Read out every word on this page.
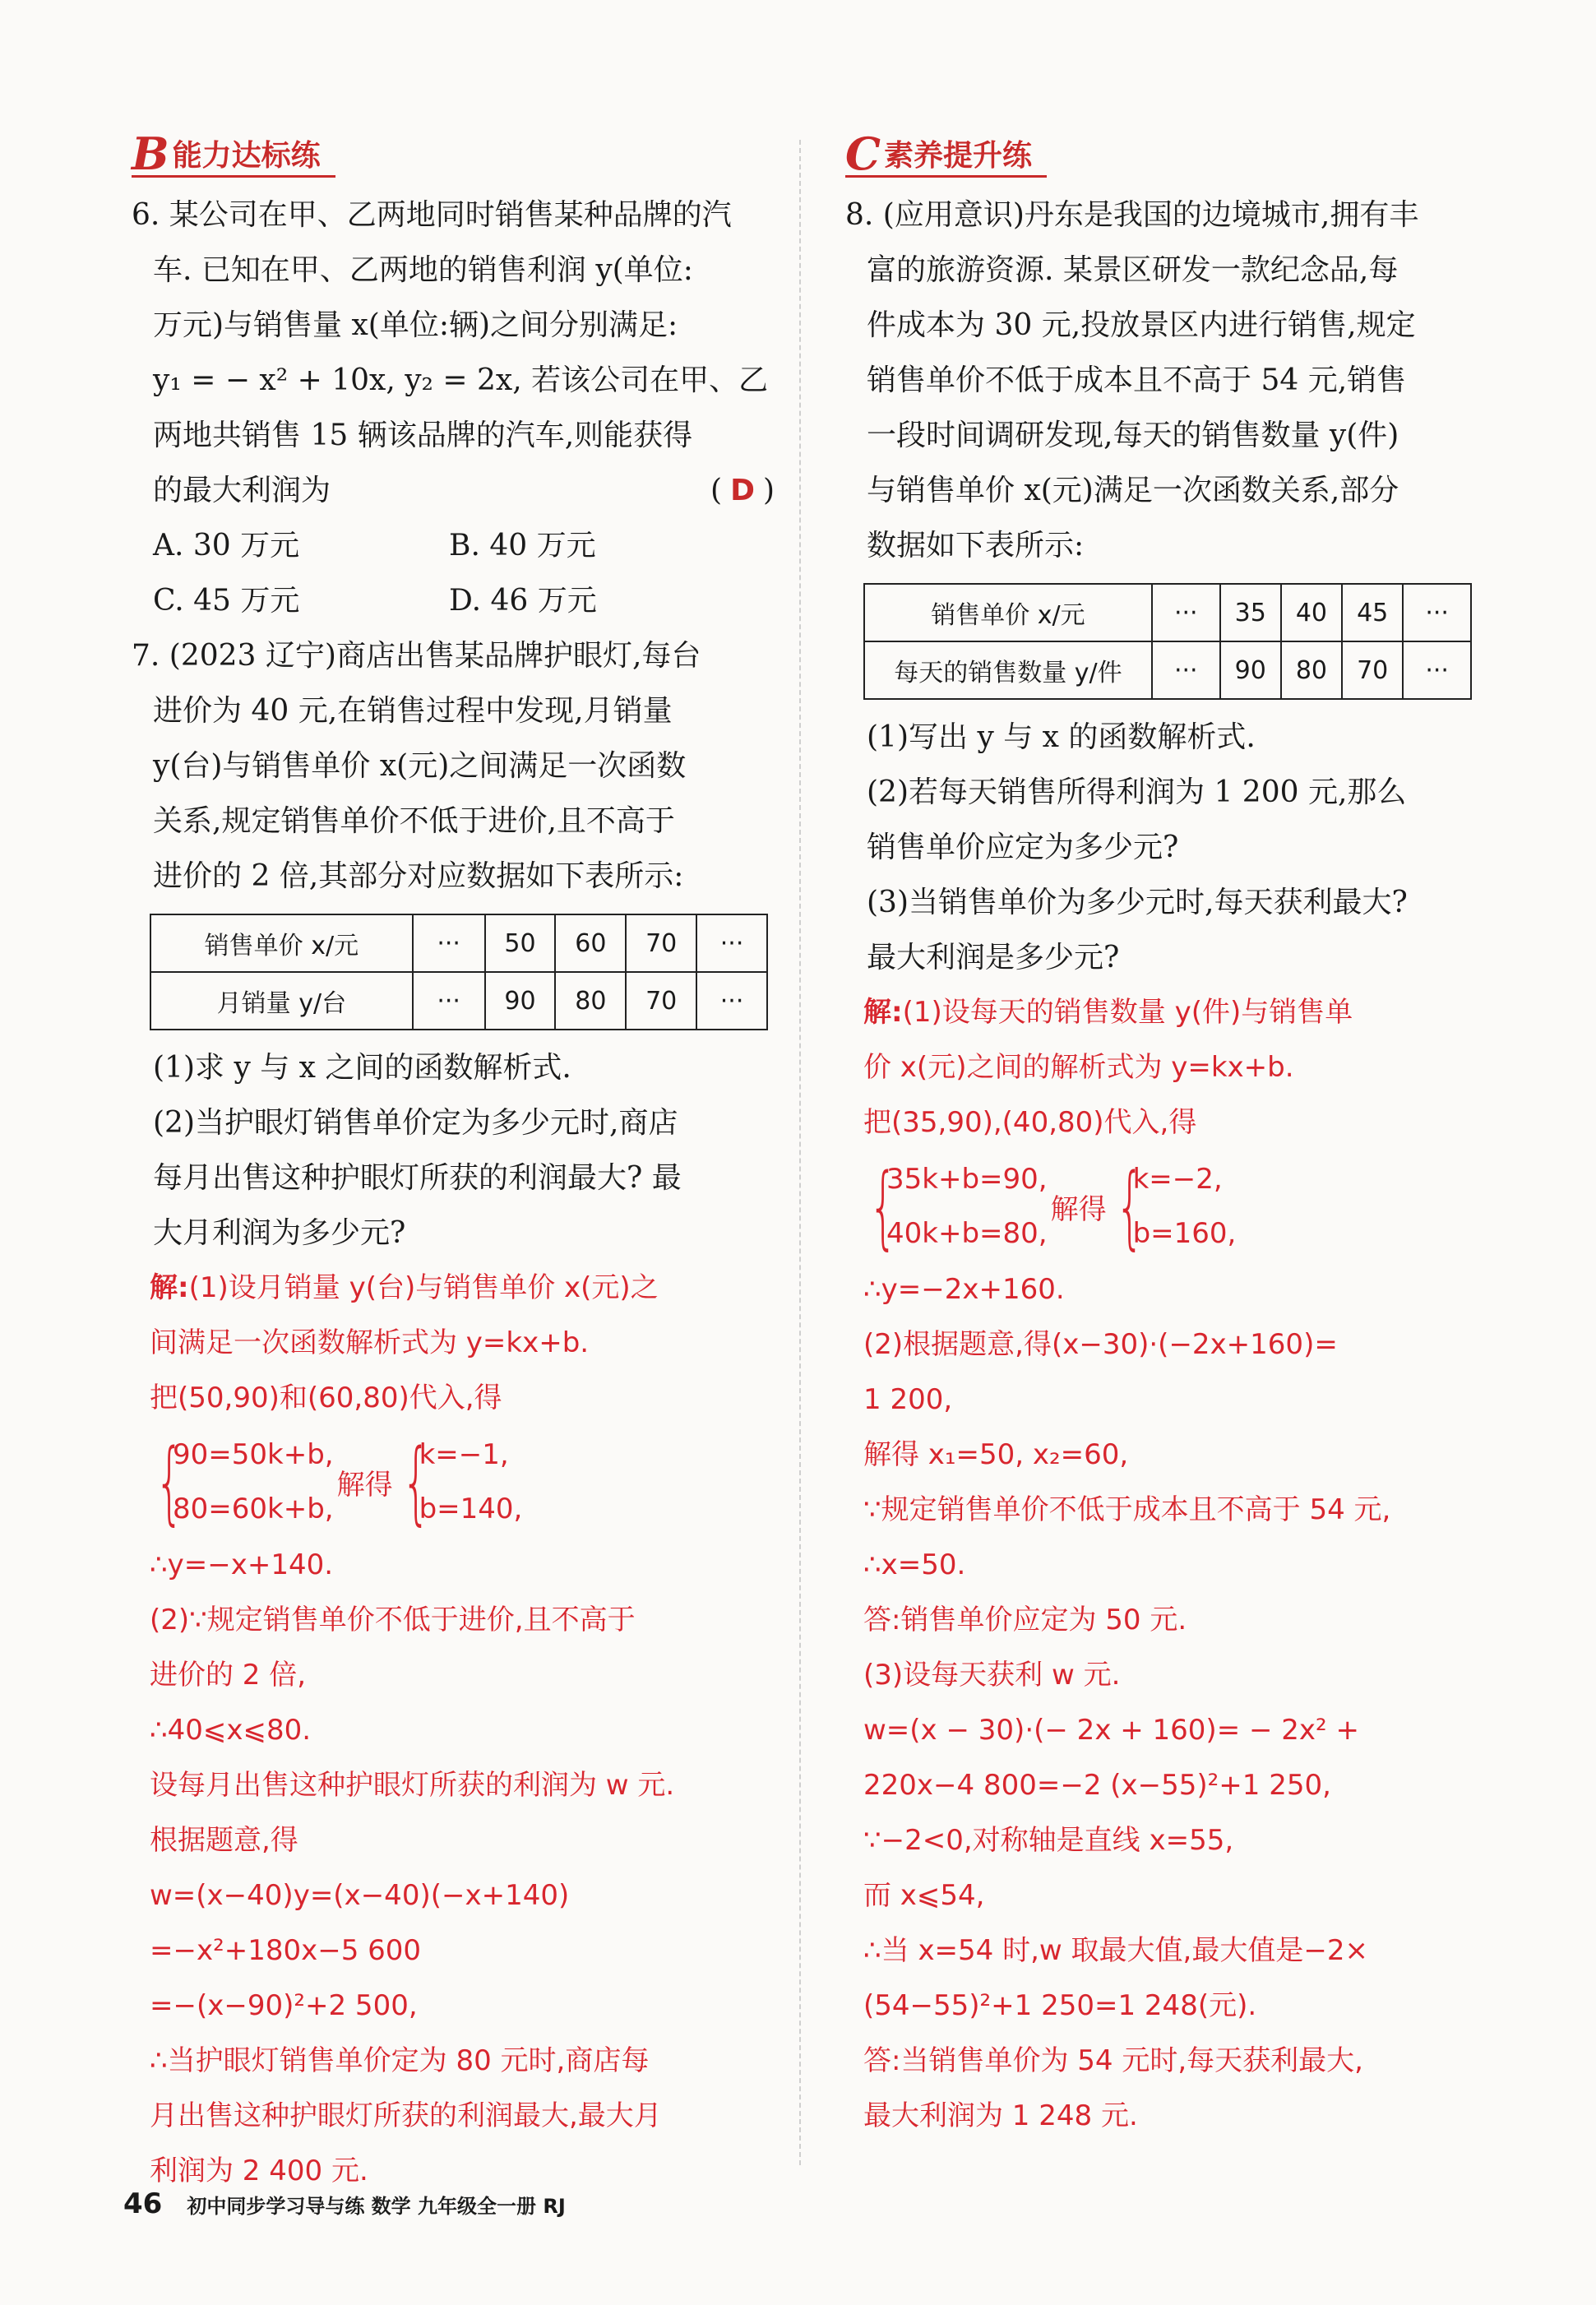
B 能力达标练
6. 某公司在甲、乙两地同时销售某种品牌的汽
车. 已知在甲、乙两地的销售利润 y(单位:
万元)与销售量 x(单位:辆)之间分别满足:
y₁ = − x² + 10x, y₂ = 2x, 若该公司在甲、乙
两地共销售 15 辆该品牌的汽车,则能获得
的最大利润为	( D )
A. 30 万元	B. 40 万元
C. 45 万元	D. 46 万元
7. (2023 辽宁)商店出售某品牌护眼灯,每台
进价为 40 元,在销售过程中发现,月销量
y(台)与销售单价 x(元)之间满足一次函数
关系,规定销售单价不低于进价,且不高于
进价的 2 倍,其部分对应数据如下表所示:
销售单价 x/元	···	50	60	70	···
月销量 y/台	···	90	80	70	···
(1)求 y 与 x 之间的函数解析式.
(2)当护眼灯销售单价定为多少元时,商店
每月出售这种护眼灯所获的利润最大? 最
大月利润为多少元?
解:(1)设月销量 y(台)与销售单价 x(元)之
间满足一次函数解析式为 y=kx+b.
把(50,90)和(60,80)代入,得
{
90=50k+b,
80=60k+b,
解得 {
k=−1,
b=140,
∴y=−x+140.
(2)∵规定销售单价不低于进价,且不高于
进价的 2 倍,
∴40⩽x⩽80.
设每月出售这种护眼灯所获的利润为 w 元.
根据题意,得
w=(x−40)y=(x−40)(−x+140)
=−x²+180x−5 600
=−(x−90)²+2 500,
∴当护眼灯销售单价定为 80 元时,商店每
月出售这种护眼灯所获的利润最大,最大月
利润为 2 400 元.
C 素养提升练
8. (应用意识)丹东是我国的边境城市,拥有丰
富的旅游资源. 某景区研发一款纪念品,每
件成本为 30 元,投放景区内进行销售,规定
销售单价不低于成本且不高于 54 元,销售
一段时间调研发现,每天的销售数量 y(件)
与销售单价 x(元)满足一次函数关系,部分
数据如下表所示:
销售单价 x/元	···	35	40	45	···
每天的销售数量 y/件	···	90	80	70	···
(1)写出 y 与 x 的函数解析式.
(2)若每天销售所得利润为 1 200 元,那么
销售单价应定为多少元?
(3)当销售单价为多少元时,每天获利最大?
最大利润是多少元?
解:(1)设每天的销售数量 y(件)与销售单
价 x(元)之间的解析式为 y=kx+b.
把(35,90),(40,80)代入,得
{
35k+b=90,
40k+b=80,
解得 {
k=−2,
b=160,
∴y=−2x+160.
(2)根据题意,得(x−30)·(−2x+160)=
1 200,
解得 x₁=50, x₂=60,
∵规定销售单价不低于成本且不高于 54 元,
∴x=50.
答:销售单价应定为 50 元.
(3)设每天获利 w 元.
w=(x − 30)·(− 2x + 160)= − 2x² +
220x−4 800=−2 (x−55)²+1 250,
∵−2<0,对称轴是直线 x=55,
而 x⩽54,
∴当 x=54 时,w 取最大值,最大值是−2×
(54−55)²+1 250=1 248(元).
答:当销售单价为 54 元时,每天获利最大,
最大利润为 1 248 元.
46 初中同步学习导与练 数学 九年级全一册 RJ
